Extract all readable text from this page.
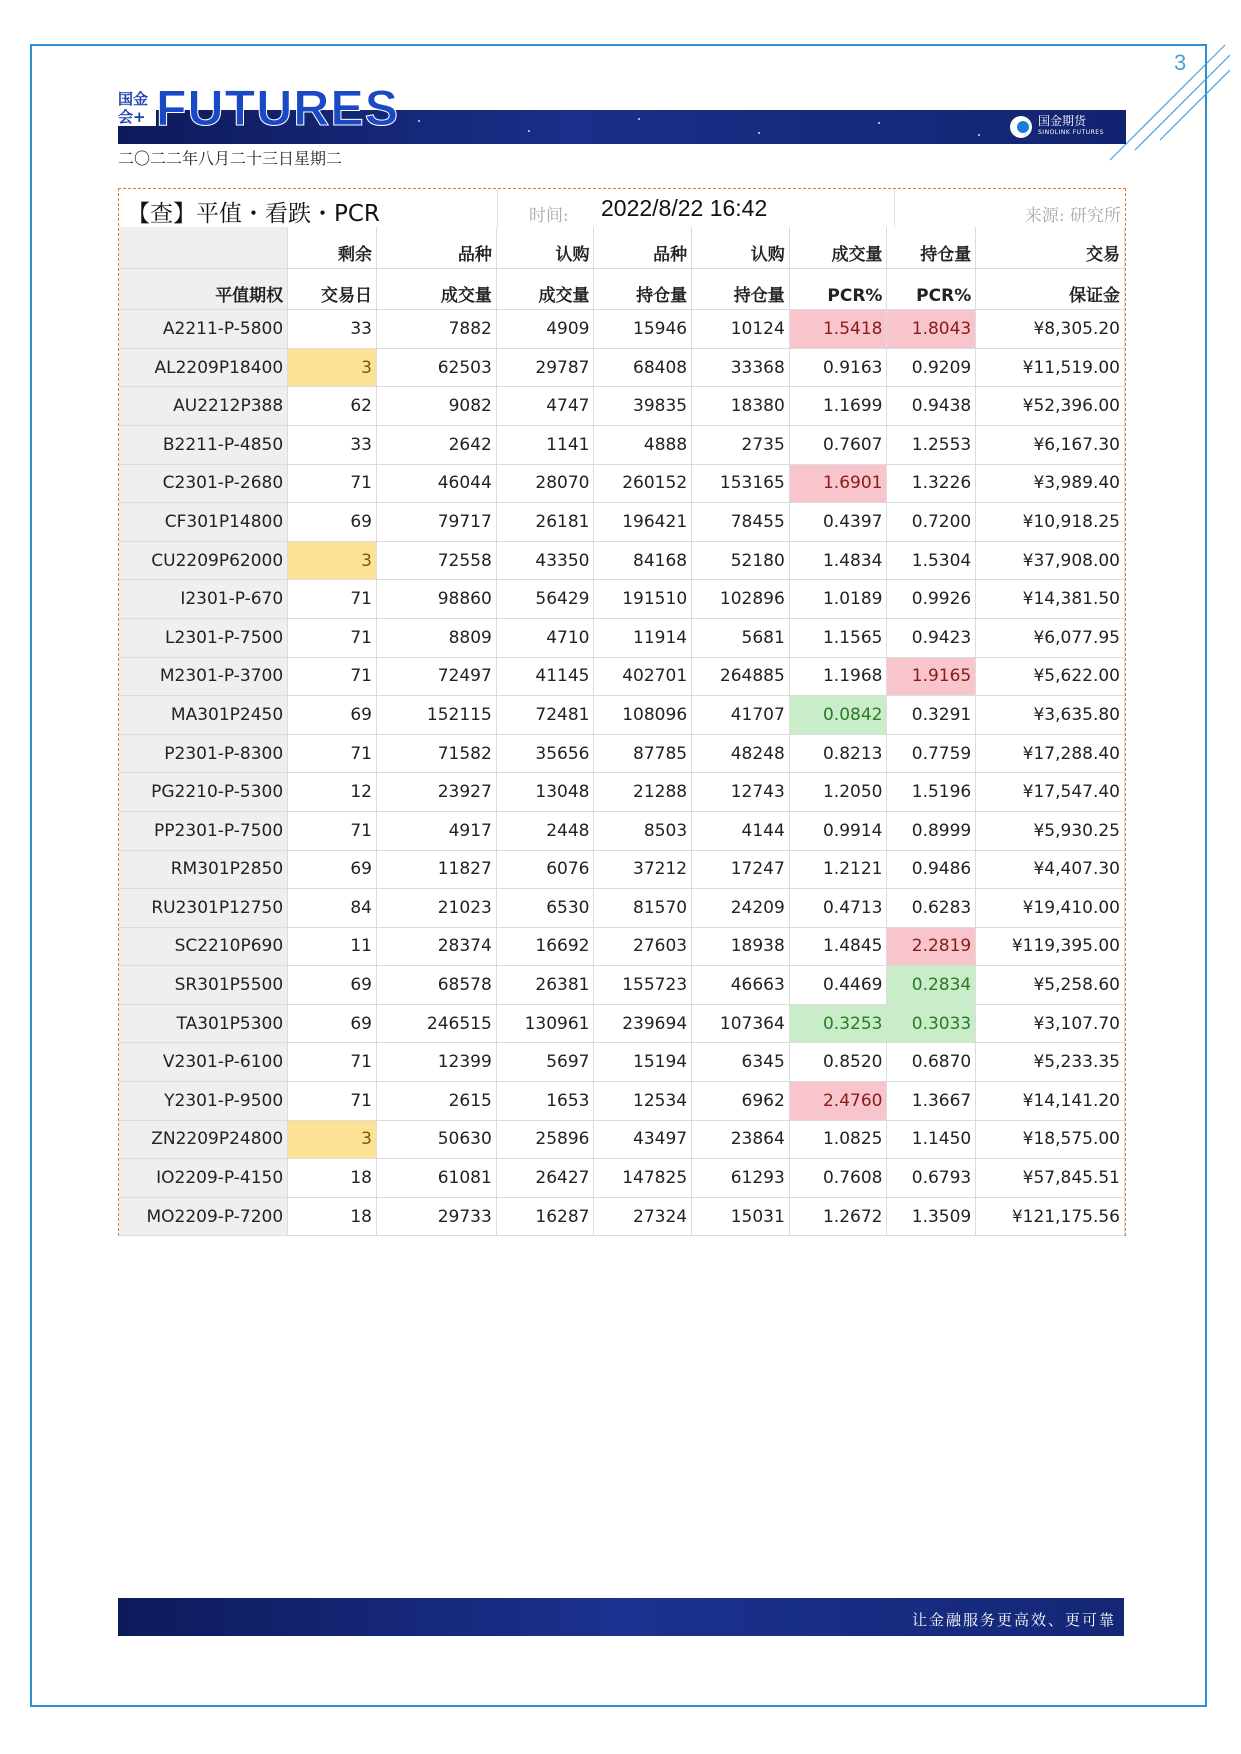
3
国金会+ FUTURES	国金期货
SINOLINK FUTURES
二〇二二年八月二十三日星期二
【查】平值・看跌・PCR	时间: 2022/8/22 16:42	来源: 研究所
	剩余	品种	认购	品种	认购	成交量	持仓量	交易
平值期权	交易日	成交量	成交量	持仓量	持仓量	PCR%	PCR%	保证金
A2211-P-5800	33	7882	4909	15946	10124	1.5418	1.8043	¥8,305.20
AL2209P18400	3	62503	29787	68408	33368	0.9163	0.9209	¥11,519.00
AU2212P388	62	9082	4747	39835	18380	1.1699	0.9438	¥52,396.00
B2211-P-4850	33	2642	1141	4888	2735	0.7607	1.2553	¥6,167.30
C2301-P-2680	71	46044	28070	260152	153165	1.6901	1.3226	¥3,989.40
CF301P14800	69	79717	26181	196421	78455	0.4397	0.7200	¥10,918.25
CU2209P62000	3	72558	43350	84168	52180	1.4834	1.5304	¥37,908.00
I2301-P-670	71	98860	56429	191510	102896	1.0189	0.9926	¥14,381.50
L2301-P-7500	71	8809	4710	11914	5681	1.1565	0.9423	¥6,077.95
M2301-P-3700	71	72497	41145	402701	264885	1.1968	1.9165	¥5,622.00
MA301P2450	69	152115	72481	108096	41707	0.0842	0.3291	¥3,635.80
P2301-P-8300	71	71582	35656	87785	48248	0.8213	0.7759	¥17,288.40
PG2210-P-5300	12	23927	13048	21288	12743	1.2050	1.5196	¥17,547.40
PP2301-P-7500	71	4917	2448	8503	4144	0.9914	0.8999	¥5,930.25
RM301P2850	69	11827	6076	37212	17247	1.2121	0.9486	¥4,407.30
RU2301P12750	84	21023	6530	81570	24209	0.4713	0.6283	¥19,410.00
SC2210P690	11	28374	16692	27603	18938	1.4845	2.2819	¥119,395.00
SR301P5500	69	68578	26381	155723	46663	0.4469	0.2834	¥5,258.60
TA301P5300	69	246515	130961	239694	107364	0.3253	0.3033	¥3,107.70
V2301-P-6100	71	12399	5697	15194	6345	0.8520	0.6870	¥5,233.35
Y2301-P-9500	71	2615	1653	12534	6962	2.4760	1.3667	¥14,141.20
ZN2209P24800	3	50630	25896	43497	23864	1.0825	1.1450	¥18,575.00
IO2209-P-4150	18	61081	26427	147825	61293	0.7608	0.6793	¥57,845.51
MO2209-P-7200	18	29733	16287	27324	15031	1.2672	1.3509	¥121,175.56
让金融服务更高效、更可靠
